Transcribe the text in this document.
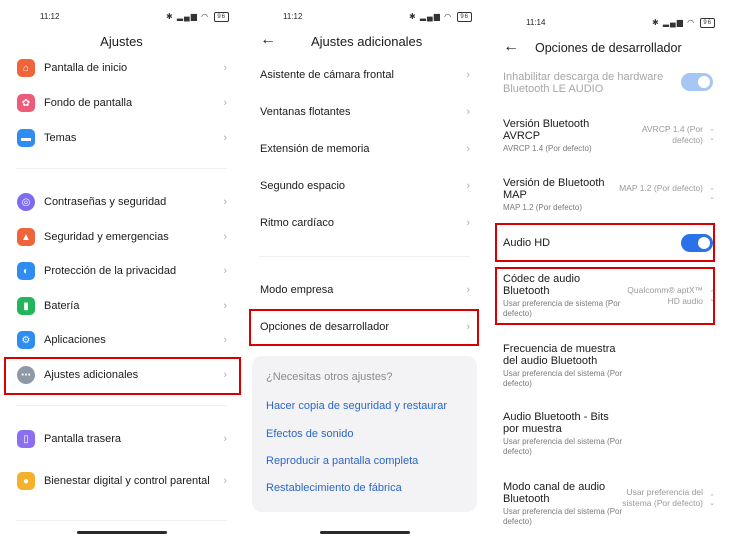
11:12	✱ ▂▄▆ ◠ 96
Ajustes
⌂	Pantalla de inicio	›
✿	Fondo de pantalla	›
▬	Temas	›
◎	Contraseñas y seguridad	›
▲	Seguridad y emergencias	›
◐	Protección de la privacidad	›
▮	Batería	›
⚙	Aplicaciones	›
⋯	Ajustes adicionales	›
▯	Pantalla trasera	›
●	Bienestar digital y control parental	›
11:12	✱ ▂▄▆ ◠ 96
←	Ajustes adicionales
Asistente de cámara frontal	›
Ventanas flotantes	›
Extensión de memoria	›
Segundo espacio	›
Ritmo cardíaco	›
Modo empresa	›
Opciones de desarrollador	›
¿Necesitas otros ajustes?
Hacer copia de seguridad y restaurar
Efectos de sonido
Reproducir a pantalla completa
Restablecimiento de fábrica
11:14	✱ ▂▄▆ ◠ 96
← Opciones de desarrollador
Inhabilitar descarga de hardware Bluetooth LE AUDIO
Versión Bluetooth AVRCP
AVRCP 1.4 (Por defecto)
AVRCP 1.4 (Por defecto)
⌃
⌄
Versión de Bluetooth MAP
MAP 1.2 (Por defecto)
MAP 1.2 (Por defecto) ⌃
⌄
Audio HD
Códec de audio Bluetooth
Usar preferencia de sistema (Por defecto)
Qualcomm® aptX™ HD audio
⌃
⌄
Frecuencia de muestra del audio Bluetooth
Usar preferencia del sistema (Por defecto)
Audio Bluetooth - Bits por muestra
Usar preferencia del sistema (Por defecto)
Modo canal de audio Bluetooth
Usar preferencia del sistema (Por defecto)
Usar preferencia del sistema (Por defecto)
⌃
⌄
